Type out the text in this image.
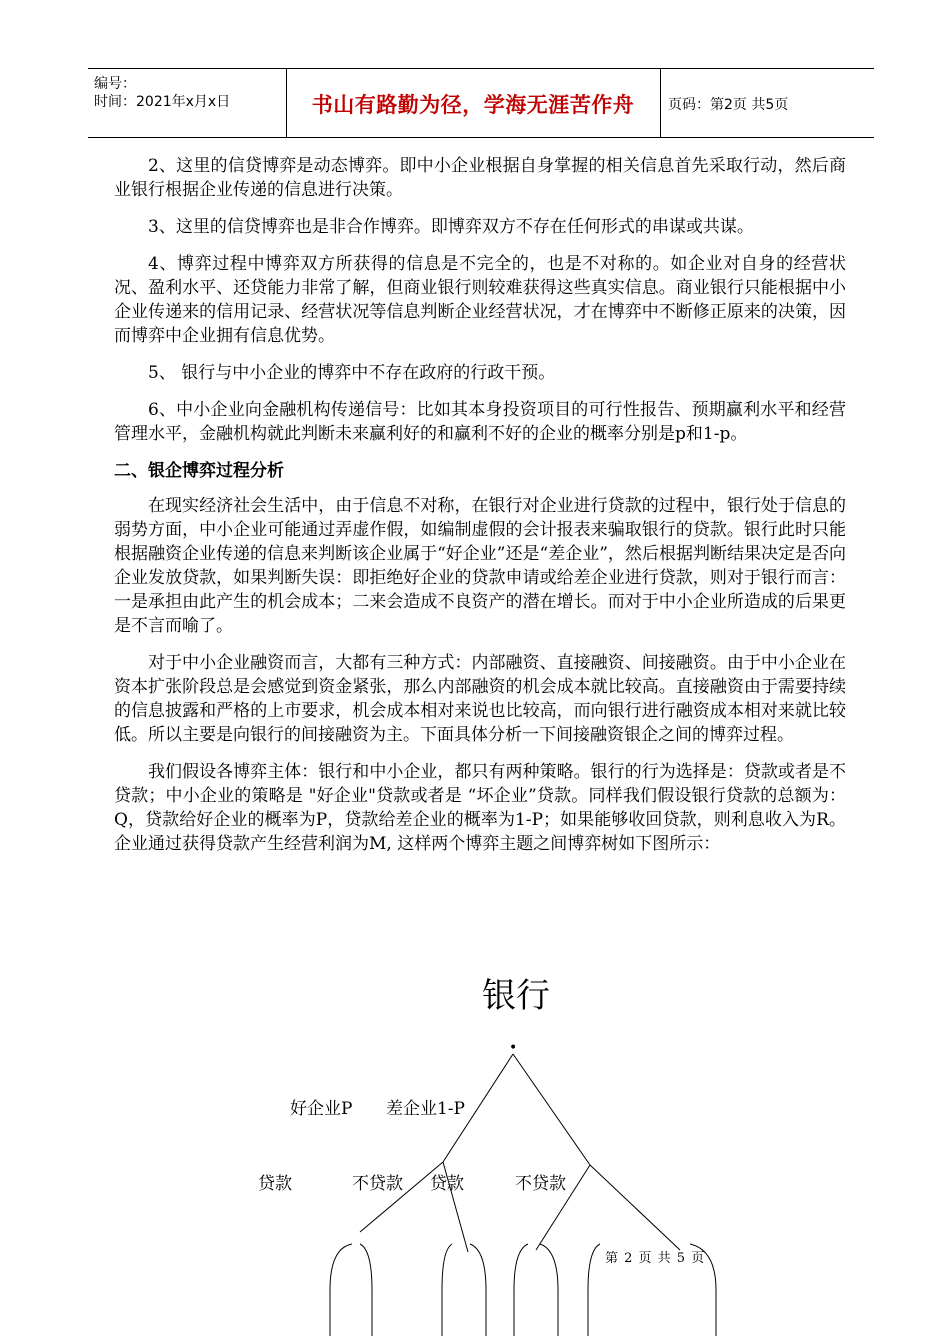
编号：
时间：2021年x月x日	书山有路勤为径，学海无涯苦作舟	页码：第2页 共5页

2、这里的信贷博弈是动态博弈。即中小企业根据自身掌握的相关信息首先采取行动，然后商业银行根据企业传递的信息进行决策。

3、这里的信贷博弈也是非合作博弈。即博弈双方不存在任何形式的串谋或共谋。

4、博弈过程中博弈双方所获得的信息是不完全的，也是不对称的。如企业对自身的经营状况、盈利水平、还贷能力非常了解，但商业银行则较难获得这些真实信息。商业银行只能根据中小企业传递来的信用记录、经营状况等信息判断企业经营状况，才在博弈中不断修正原来的决策，因而博弈中企业拥有信息优势。

5、 银行与中小企业的博弈中不存在政府的行政干预。

6、中小企业向金融机构传递信号：比如其本身投资项目的可行性报告、预期赢利水平和经营管理水平，金融机构就此判断未来赢利好的和赢利不好的企业的概率分别是p和1-p。

二、银企博弈过程分析

在现实经济社会生活中，由于信息不对称，在银行对企业进行贷款的过程中，银行处于信息的弱势方面，中小企业可能通过弄虚作假，如编制虚假的会计报表来骗取银行的贷款。银行此时只能根据融资企业传递的信息来判断该企业属于“好企业”还是“差企业”，然后根据判断结果决定是否向企业发放贷款，如果判断失误：即拒绝好企业的贷款申请或给差企业进行贷款，则对于银行而言：一是承担由此产生的机会成本；二来会造成不良资产的潜在增长。而对于中小企业所造成的后果更是不言而喻了。

对于中小企业融资而言，大都有三种方式：内部融资、直接融资、间接融资。由于中小企业在资本扩张阶段总是会感觉到资金紧张，那么内部融资的机会成本就比较高。直接融资由于需要持续的信息披露和严格的上市要求，机会成本相对来说也比较高，而向银行进行融资成本相对来就比较低。所以主要是向银行的间接融资为主。下面具体分析一下间接融资银企之间的博弈过程。

我们假设各博弈主体：银行和中小企业，都只有两种策略。银行的行为选择是：贷款或者是不贷款；中小企业的策略是 "好企业"贷款或者是 “坏企业”贷款。同样我们假设银行贷款的总额为：Q，贷款给好企业的概率为P，贷款给差企业的概率为1-P；如果能够收回贷款，则利息收入为R。企业通过获得贷款产生经营利润为M, 这样两个博弈主题之间博弈树如下图所示：

银行
•
好企业P 差企业1-P
贷款	不贷款 贷款	不贷款
第 2 页 共 5 页
